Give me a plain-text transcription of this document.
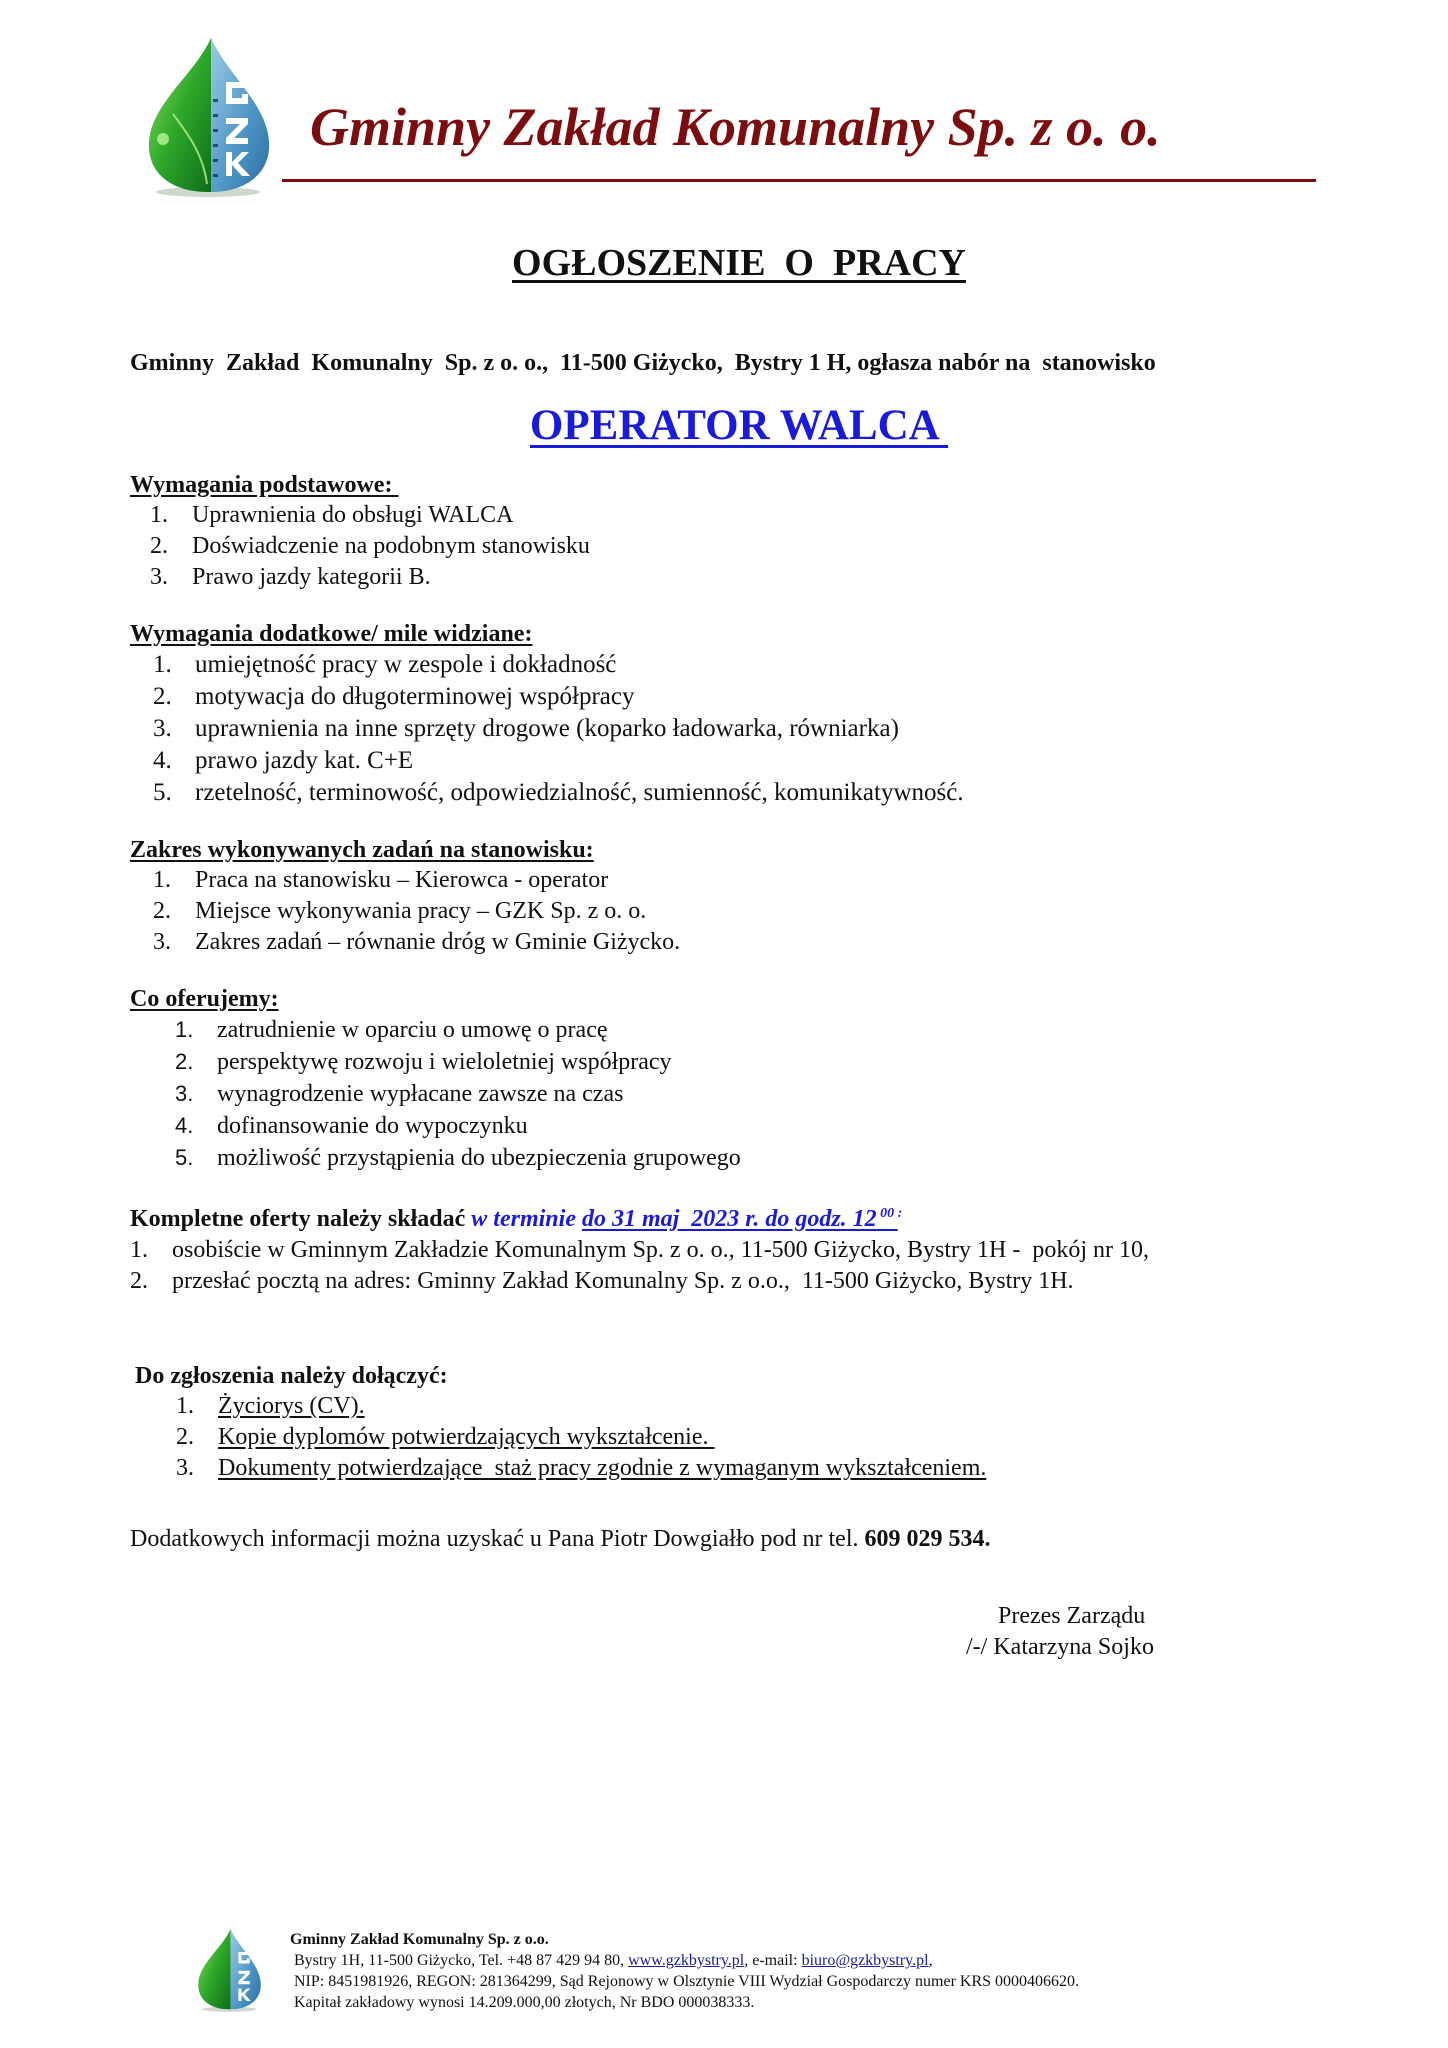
Gminny Zakład Komunalny Sp. z o. o.
OGŁOSZENIE  O  PRACY
Gminny  Zakład  Komunalny  Sp. z o. o.,  11-500 Giżycko,  Bystry 1 H, ogłasza nabór na  stanowisko
OPERATOR WALCA
Wymagania podstawowe:
1.	Uprawnienia do obsługi WALCA
2.	Doświadczenie na podobnym stanowisku
3.	Prawo jazdy kategorii B.
Wymagania dodatkowe/ mile widziane:
1. umiejętność pracy w zespole i dokładność
2. motywacja do długoterminowej współpracy
3. uprawnienia na inne sprzęty drogowe (koparko ładowarka, równiarka)
4. prawo jazdy kat. C+E
5. rzetelność, terminowość, odpowiedzialność, sumienność, komunikatywność.
Zakres wykonywanych zadań na stanowisku:
1.	Praca na stanowisku – Kierowca - operator
2.	Miejsce wykonywania pracy – GZK Sp. z o. o.
3.	Zakres zadań – równanie dróg w Gminie Giżycko.
Co oferujemy:
1. zatrudnienie w oparciu o umowę o pracę
2. perspektywę rozwoju i wieloletniej współpracy
3. wynagrodzenie wypłacane zawsze na czas
4. dofinansowanie do wypoczynku
5. możliwość przystąpienia do ubezpieczenia grupowego
Kompletne oferty należy składać w terminie do 31 maj  2023 r. do godz. 12 $^{00}$ :
1.	osobiście w Gminnym Zakładzie Komunalnym Sp. z o. o., 11-500 Giżycko, Bystry 1H -  pokój nr 10,
2.	przesłać pocztą na adres: Gminny Zakład Komunalny Sp. z o.o.,  11-500 Giżycko, Bystry 1H.
Do zgłoszenia należy dołączyć:
1.	Życiorys (CV).
2.	Kopie dyplomów potwierdzających wykształcenie.
3.	Dokumenty potwierdzające  staż pracy zgodnie z wymaganym wykształceniem.
Dodatkowych informacji można uzyskać u Pana Piotr Dowgiałło pod nr tel. 609 029 534.
Prezes Zarządu
/-/ Katarzyna Sojko
Gminny Zakład Komunalny Sp. z o.o.
Bystry 1H, 11-500 Giżycko, Tel. +48 87 429 94 80, www.gzkbystry.pl, e-mail: biuro@gzkbystry.pl,
NIP: 8451981926, REGON: 281364299, Sąd Rejonowy w Olsztynie VIII Wydział Gospodarczy numer KRS 0000406620.
Kapitał zakładowy wynosi 14.209.000,00 złotych, Nr BDO 000038333.
